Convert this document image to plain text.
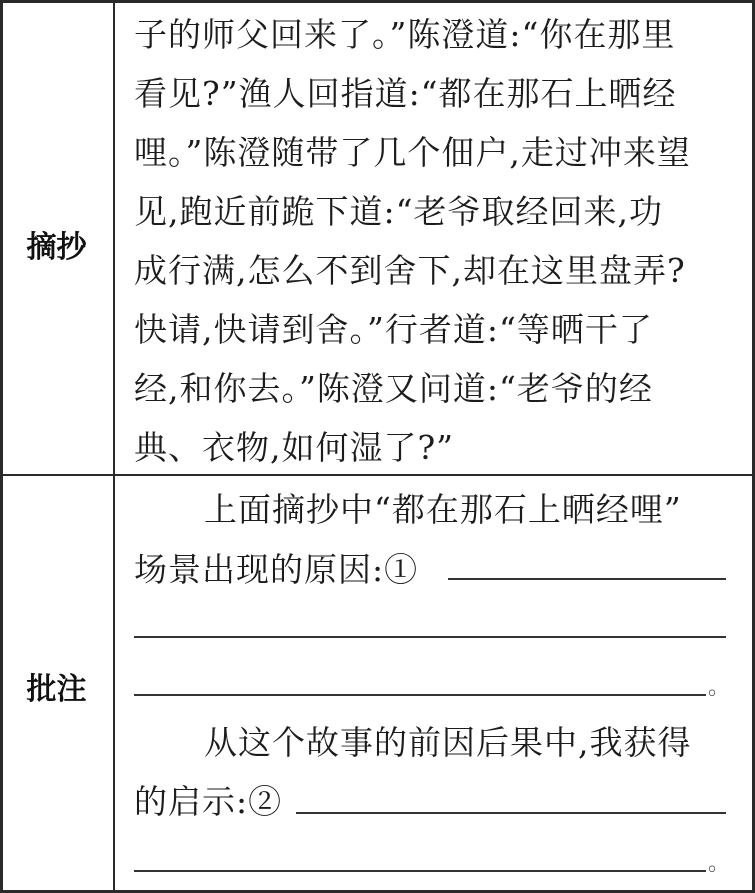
摘抄
子的师父回来了。”陈澄道:“你在那里
看见?”渔人回指道:“都在那石上晒经
哩。”陈澄随带了几个佃户,走过冲来望
见,跑近前跪下道:“老爷取经回来,功
成行满,怎么不到舍下,却在这里盘弄?
快请,快请到舍。”行者道:“等晒干了
经,和你去。”陈澄又问道:“老爷的经
典、衣物,如何湿了?”
批注
上面摘抄中“都在那石上晒经哩”
场景出现的原因:①
。
从这个故事的前因后果中,我获得
的启示:②
。
